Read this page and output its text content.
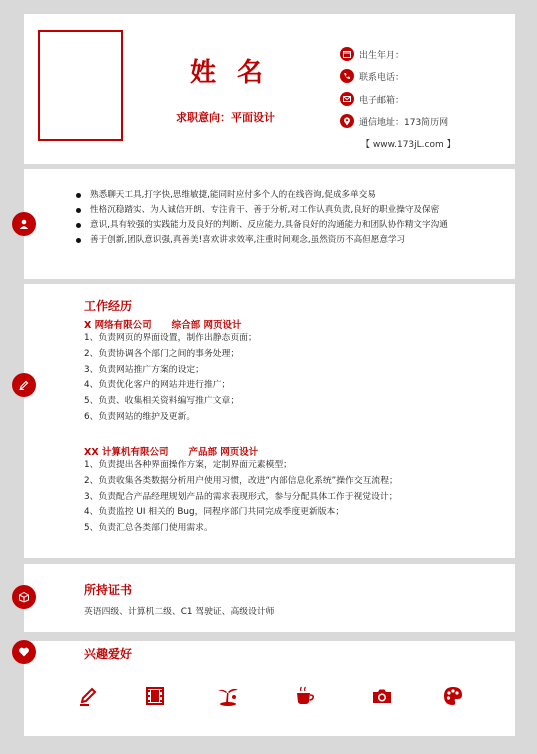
姓 名
求职意向：平面设计
出生年月：
联系电话：
电子邮箱：
通信地址：173简历网
【 www.173jL.com 】
熟悉聊天工具,打字快,思维敏捷,能同时应付多个人的在线咨询,促成多单交易
性格沉稳踏实、为人诚信开朗、专注肯干、善于分析,对工作认真负责,良好的职业操守及保密
意识,具有较强的实践能力及良好的判断、反应能力,具备良好的沟通能力和团队协作精文字沟通
善于创新,团队意识强,真善美!喜欢讲求效率,注重时间观念,虽然资历不高但愿意学习
工作经历
X 网络有限公司 综合部 网页设计
1、负责网页的界面设置，制作出静态页面；
2、负责协调各个部门之间的事务处理；
3、负责网站推广方案的设定；
4、负责优化客户的网站并进行推广；
5、负责、收集相关资料编写推广文章；
6、负责网站的维护及更新。
XX 计算机有限公司 产品部 网页设计
1、负责提出各种界面操作方案，定制界面元素模型；
2、负责收集各类数据分析用户使用习惯，改进“内部信息化系统”操作交互流程；
3、负责配合产品经理规划产品的需求表现形式，参与分配具体工作于视觉设计；
4、负责监控 UI 相关的 Bug，同程序部门共同完成季度更新版本；
5、负责汇总各类部门使用需求。
所持证书
英语四级、计算机二级、C1 驾驶证、高级设计师
兴趣爱好
